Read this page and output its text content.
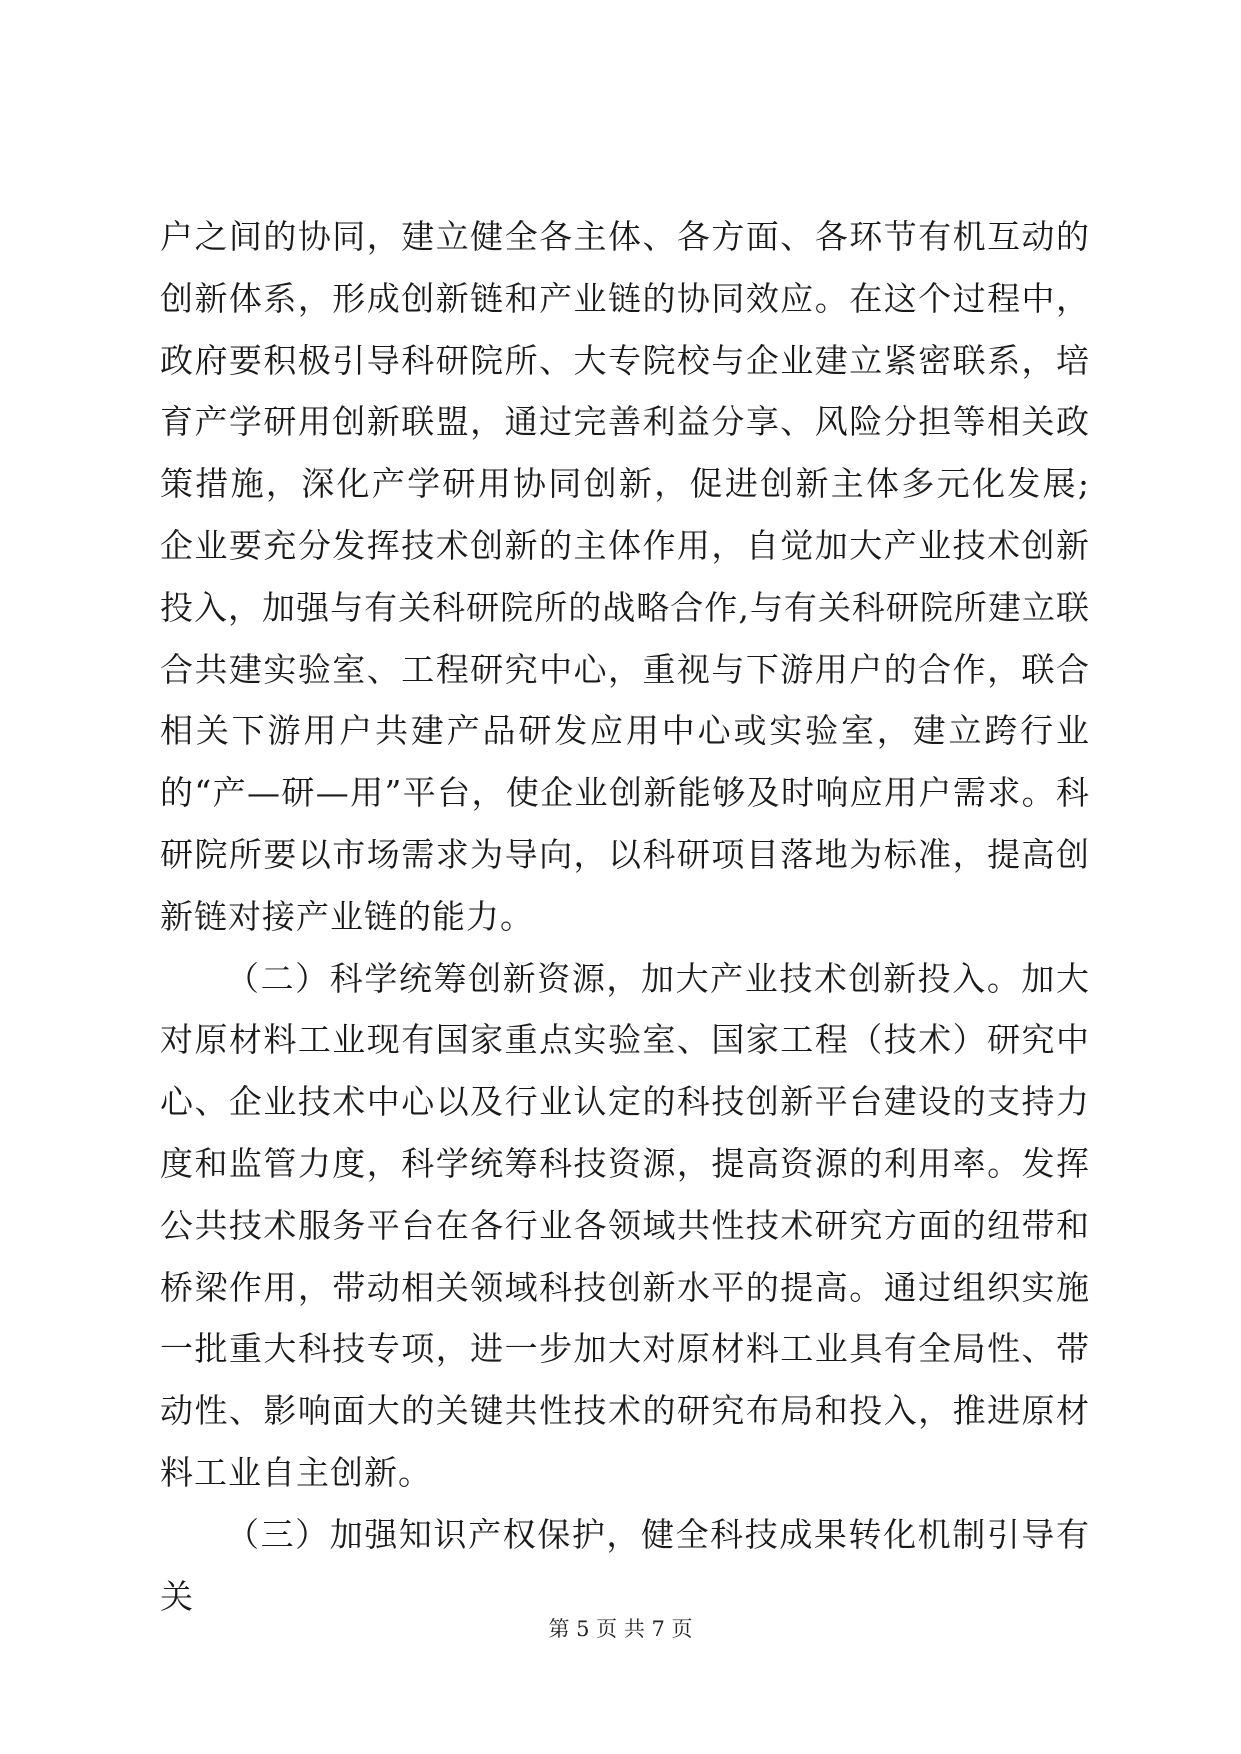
户之间的协同，建立健全各主体、各方面、各环节有机互动的创新体系，形成创新链和产业链的协同效应。在这个过程中，政府要积极引导科研院所、大专院校与企业建立紧密联系，培育产学研用创新联盟，通过完善利益分享、风险分担等相关政策措施，深化产学研用协同创新，促进创新主体多元化发展;企业要充分发挥技术创新的主体作用，自觉加大产业技术创新投入，加强与有关科研院所的战略合作,与有关科研院所建立联合共建实验室、工程研究中心，重视与下游用户的合作，联合相关下游用户共建产品研发应用中心或实验室，建立跨行业的“产—研—用”平台，使企业创新能够及时响应用户需求。科研院所要以市场需求为导向，以科研项目落地为标准，提高创新链对接产业链的能力。

（二）科学统筹创新资源，加大产业技术创新投入。加大对原材料工业现有国家重点实验室、国家工程（技术）研究中心、企业技术中心以及行业认定的科技创新平台建设的支持力度和监管力度，科学统筹科技资源，提高资源的利用率。发挥公共技术服务平台在各行业各领域共性技术研究方面的纽带和桥梁作用，带动相关领域科技创新水平的提高。通过组织实施一批重大科技专项，进一步加大对原材料工业具有全局性、带动性、影响面大的关键共性技术的研究布局和投入，推进原材料工业自主创新。

（三）加强知识产权保护，健全科技成果转化机制引导有关

第 5 页 共 7 页
